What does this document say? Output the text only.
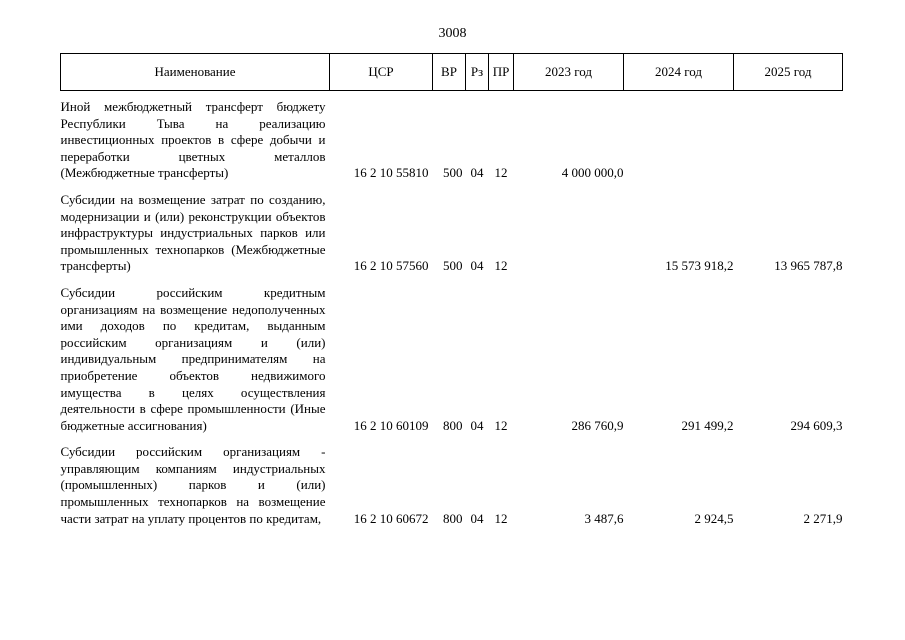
3008
Наименование	ЦСР	ВР	Рз	ПР	2023 год	2024 год	2025 год
Иной межбюджетный трансферт бюджету Республики Тыва на реализацию инвестиционных проектов в сфере добычи и переработки цветных металлов (Межбюджетные трансферты)	16 2 10 55810	500	04	12	4 000 000,0		
Субсидии на возмещение затрат по созданию, модернизации и (или) реконструкции объектов инфраструктуры индустриальных парков или промышленных технопарков (Межбюджетные трансферты)	16 2 10 57560	500	04	12		15 573 918,2	13 965 787,8
Субсидии российским кредитным организациям на возмещение недополученных ими доходов по кредитам, выданным российским организациям и (или) индивидуальным предпринимателям на приобретение объектов недвижимого имущества в целях осуществления деятельности в сфере промышленности (Иные бюджетные ассигнования)	16 2 10 60109	800	04	12	286 760,9	291 499,2	294 609,3
Субсидии российским организациям - управляющим компаниям индустриальных (промышленных) парков и (или) промышленных технопарков на возмещение части затрат на уплату процентов по кредитам,	16 2 10 60672	800	04	12	3 487,6	2 924,5	2 271,9
